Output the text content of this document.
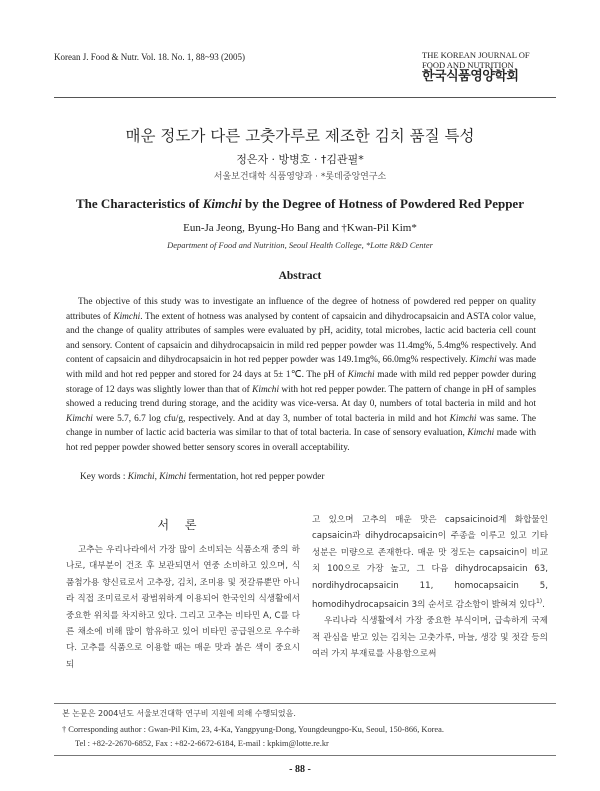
Korean J. Food & Nutr. Vol. 18. No. 1, 88~93 (2005)	THE KOREAN JOURNAL OF
FOOD AND NUTRITION
한국식품영양학회
매운 정도가 다른 고춧가루로 제조한 김치 품질 특성
정은자 · 방병호 · †김관필*
서울보건대학 식품영양과 · *롯데중앙연구소
The Characteristics of Kimchi by the Degree of Hotness of Powdered Red Pepper
Eun-Ja Jeong, Byung-Ho Bang and †Kwan-Pil Kim*
Department of Food and Nutrition, Seoul Health College, *Lotte R&D Center
Abstract
The objective of this study was to investigate an influence of the degree of hotness of powdered red pepper on quality attributes of Kimchi. The extent of hotness was analysed by content of capsaicin and dihydrocapsaicin and ASTA color value, and the change of quality attributes of samples were evaluated by pH, acidity, total microbes, lactic acid bacteria cell count and sensory. Content of capsaicin and dihydrocapsaicin in mild red pepper powder was 11.4mg%, 5.4mg% respectively. And content of capsaicin and dihydrocapsaicin in hot red pepper powder was 149.1mg%, 66.0mg% respectively. Kimchi was made with mild and hot red pepper and stored for 24 days at 5± 1℃. The pH of Kimchi made with mild red pepper powder during storage of 12 days was slightly lower than that of Kimchi with hot red pepper powder. The pattern of change in pH of samples showed a reducing trend during storage, and the acidity was vice-versa. At day 0, numbers of total bacteria in mild and hot Kimchi were 5.7, 6.7 log cfu/g, respectively. And at day 3, number of total bacteria in mild and hot Kimchi was same. The change in number of lactic acid bacteria was similar to that of total bacteria. In case of sensory evaluation, Kimchi made with hot red pepper powder showed better sensory scores in overall acceptability.
Key words : Kimchi, Kimchi fermentation, hot red pepper powder
서 론

고추는 우리나라에서 가장 많이 소비되는 식품소재 중의 하나로, 대부분이 건조 후 보관되면서 연중 소비하고 있으며, 식품첨가용 향신료로서 고추장, 김치, 조미용 및 젓갈류뿐만 아니라 직접 조미료로서 광범위하게 이용되어 한국인의 식생활에서 중요한 위치를 차지하고 있다. 그리고 고추는 비타민 A, C를 다른 채소에 비해 많이 함유하고 있어 비타민 공급원으로 우수하다. 고추를 식품으로 이용할 때는 매운 맛과 붉은 색이 중요시 되

고 있으며 고추의 매운 맛은 capsaicinoid계 화합물인 capsaicin과 dihydrocapsaicin이 주종을 이루고 있고 기타 성분은 미량으로 존재한다. 매운 맛 정도는 capsaicin이 비교치 100으로 가장 높고, 그 다음 dihydrocapsaicin 63, nordihydrocapsaicin 11, homocapsaicin 5, homodihydrocapsaicin 3의 순서로 감소함이 밝혀져 있다$^{1)}$.

우리나라 식생활에서 가장 중요한 부식이며, 급속하게 국제적 관심을 받고 있는 김치는 고춧가루, 마늘, 생강 및 젓갈 등의 여러 가지 부재료를 사용함으로써

본 논문은 2004년도 서울보건대학 연구비 지원에 의해 수행되었음.
† Corresponding author : Gwan-Pil Kim, 23, 4-Ka, Yangpyung-Dong, Youngdeungpo-Ku, Seoul, 150-866, Korea.
Tel : +82-2-2670-6852, Fax : +82-2-6672-6184, E-mail : kpkim@lotte.re.kr
- 88 -
